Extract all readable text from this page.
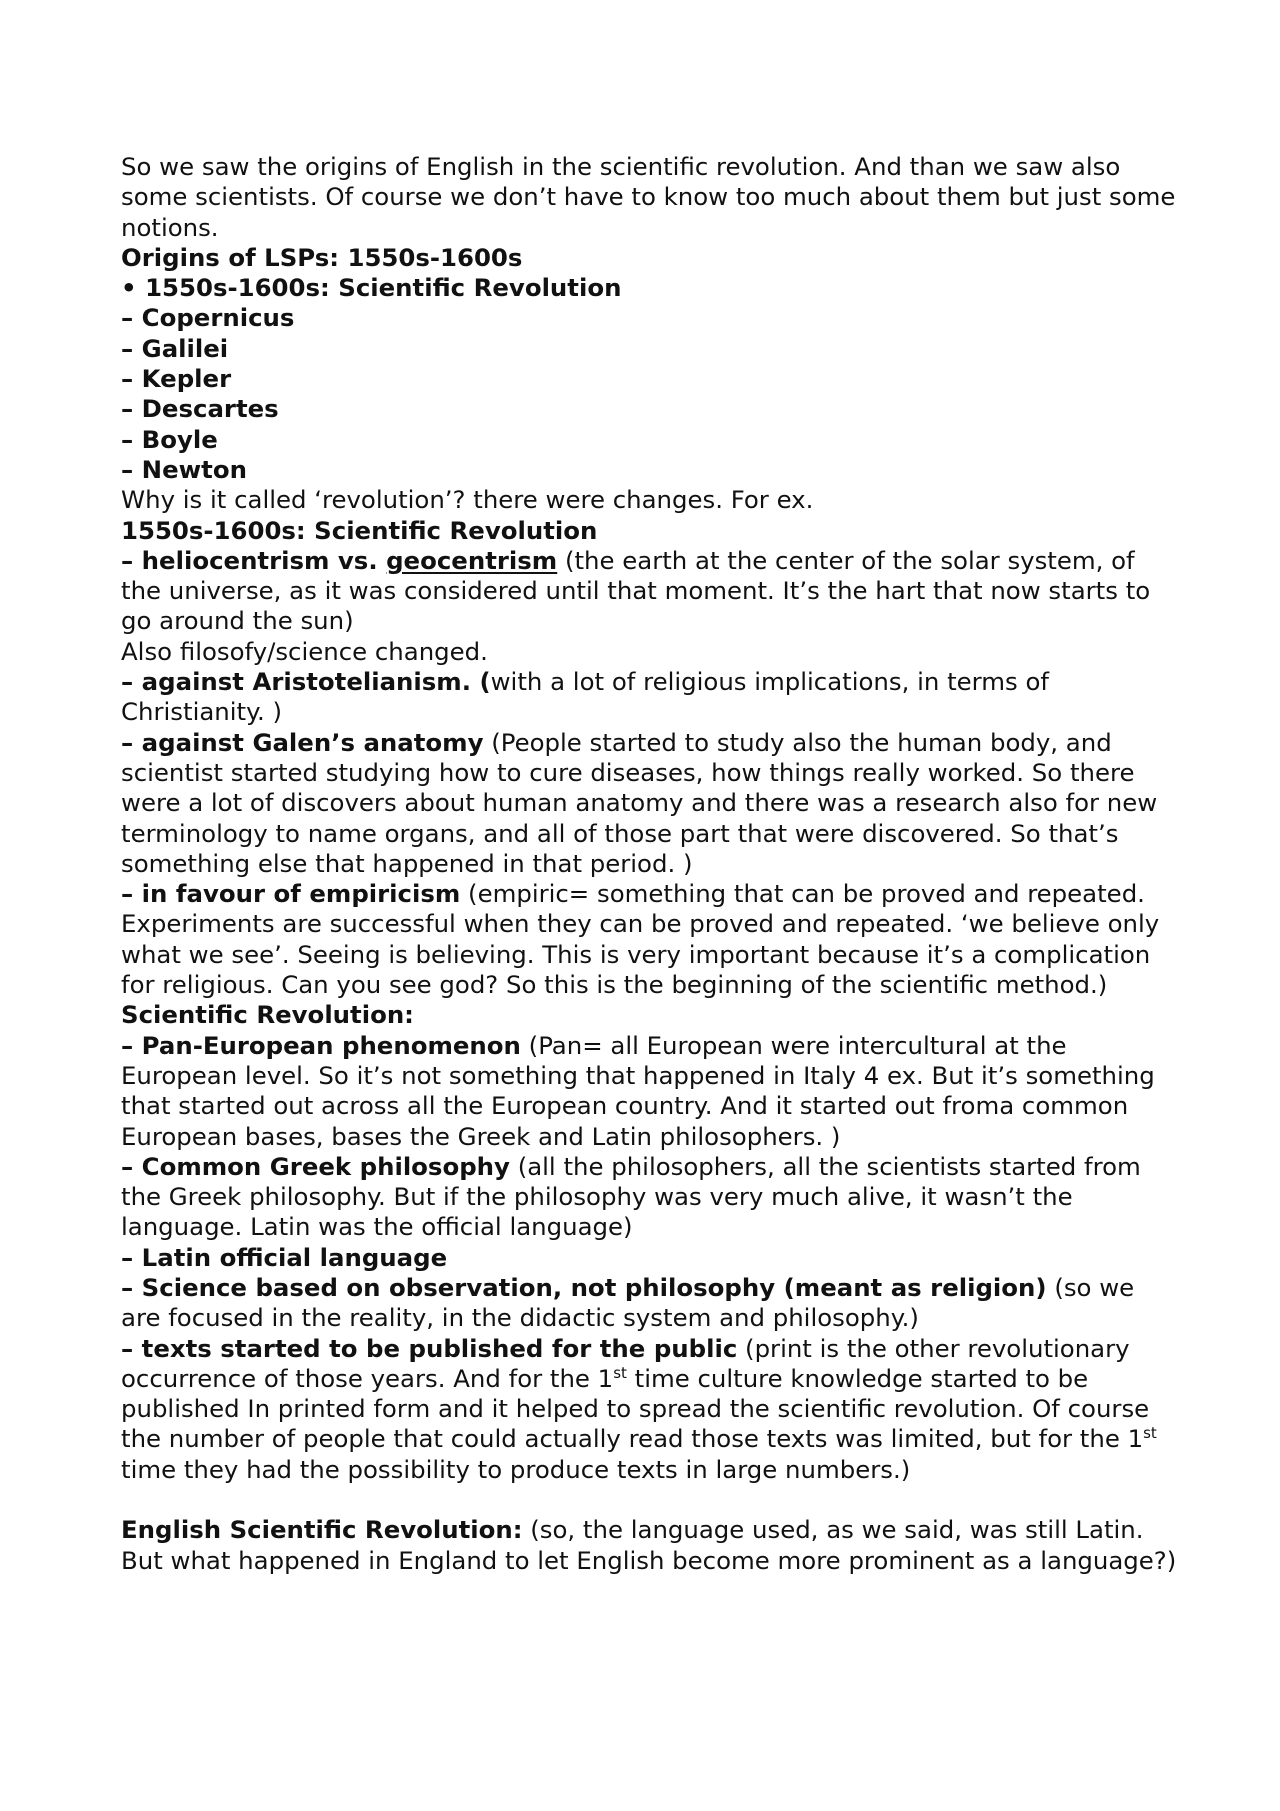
So we saw the origins of English in the scientific revolution. And than we saw also some scientists. Of course we don’t have to know too much about them but just some notions.

Origins of LSPs: 1550s-1600s

• 1550s-1600s: Scientific Revolution

– Copernicus

– Galilei

– Kepler

– Descartes

– Boyle

– Newton

Why is it called ‘revolution’? there were changes. For ex.

1550s-1600s: Scientific Revolution

– heliocentrism vs. geocentrism (the earth at the center of the solar system, of the universe, as it was considered until that moment. It’s the hart that now starts to go around the sun)

Also filosofy/science changed.

– against Aristotelianism. (with a lot of religious implications, in terms of Christianity. )

– against Galen’s anatomy (People started to study also the human body, and scientist started studying how to cure diseases, how things really worked. So there were a lot of discovers about human anatomy and there was a research also for new terminology to name organs, and all of those part that were discovered. So that’s something else that happened in that period. )

– in favour of empiricism (empiric= something that can be proved and repeated. Experiments are successful when they can be proved and repeated. ‘we believe only what we see’. Seeing is believing. This is very important because it’s a complication for religious. Can you see god? So this is the beginning of the scientific method.)

Scientific Revolution:

– Pan-European phenomenon (Pan= all European were intercultural at the European level. So it’s not something that happened in Italy 4 ex. But it’s something that started out across all the European country. And it started out froma common European bases, bases the Greek and Latin philosophers. )

– Common Greek philosophy (all the philosophers, all the scientists started from the Greek philosophy. But if the philosophy was very much alive, it wasn’t the language. Latin was the official language)

– Latin official language

– Science based on observation, not philosophy (meant as religion) (so we are focused in the reality, in the didactic system and philosophy.)

– texts started to be published for the public (print is the other revolutionary occurrence of those years. And for the 1st time culture knowledge started to be published In printed form and it helped to spread the scientific revolution. Of course the number of people that could actually read those texts was limited, but for the 1st time they had the possibility to produce texts in large numbers.)

English Scientific Revolution: (so, the language used, as we said, was still Latin. But what happened in England to let English become more prominent as a language?)
